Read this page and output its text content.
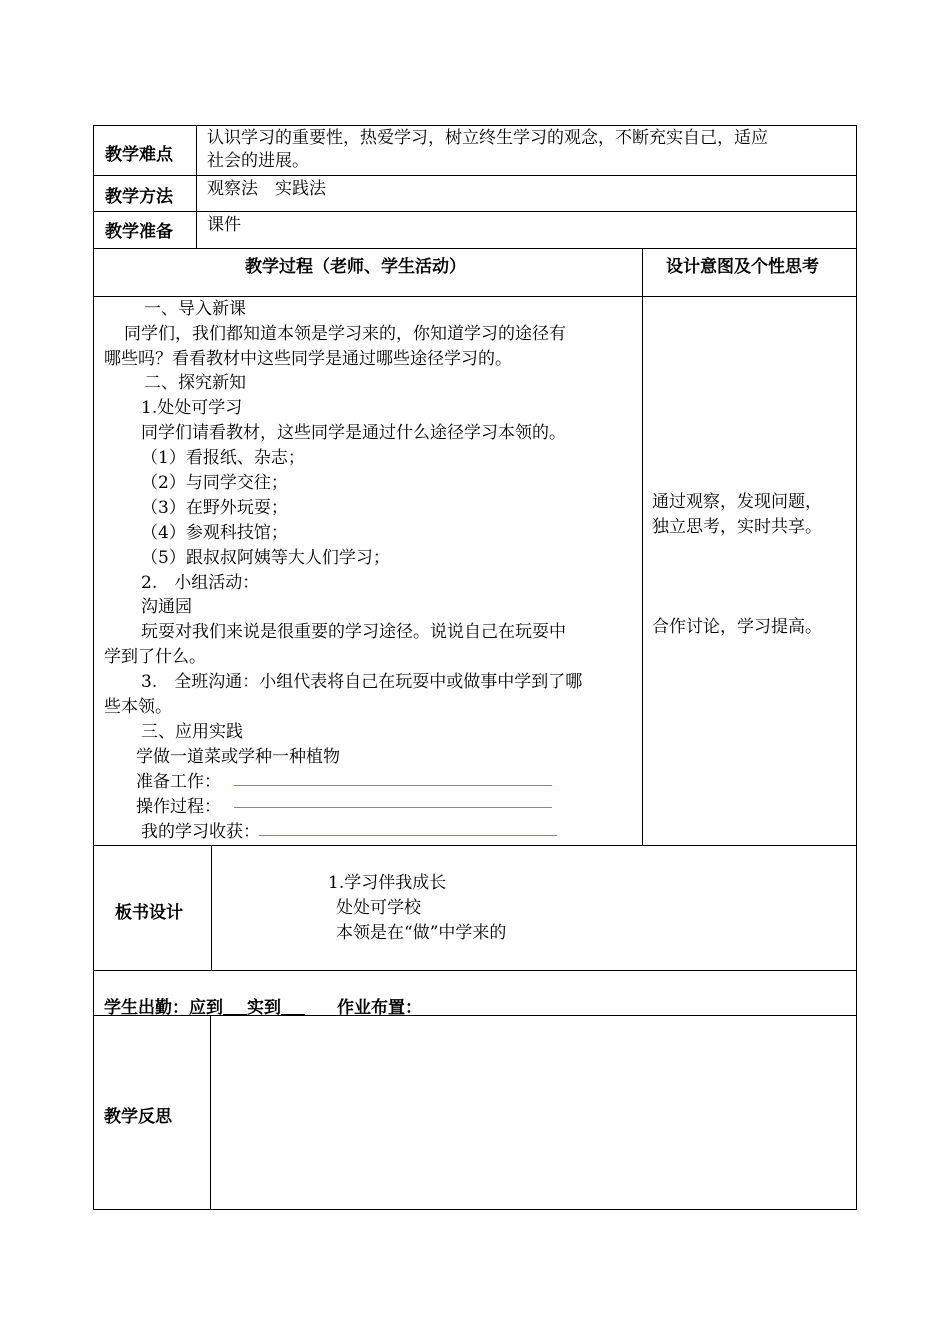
教学难点
认识学习的重要性，热爱学习，树立终生学习的观念，不断充实自己，适应
社会的进展。
教学方法 观察法　实践法
教学准备 课件
教学过程（老师、学生活动）	设计意图及个性思考
一、导入新课
同学们，我们都知道本领是学习来的，你知道学习的途径有
哪些吗？看看教材中这些同学是通过哪些途径学习的。
二、探究新知
1.处处可学习
同学们请看教材，这些同学是通过什么途径学习本领的。
（1）看报纸、杂志；
（2）与同学交往；
（3）在野外玩耍；
（4）参观科技馆；
（5）跟叔叔阿姨等大人们学习；
2.　小组活动：
沟通园
玩耍对我们来说是很重要的学习途径。说说自己在玩耍中
学到了什么。
3.　全班沟通：小组代表将自己在玩耍中或做事中学到了哪
些本领。
三、应用实践
学做一道菜或学种一种植物
准备工作：
操作过程：
我的学习收获：
通过观察，发现问题，
独立思考，实时共享。
合作讨论，学习提高。
板书设计
1.学习伴我成长
处处可学校
本领是在“做”中学来的
学生出勤：应到 实到	作业布置：
教学反思
